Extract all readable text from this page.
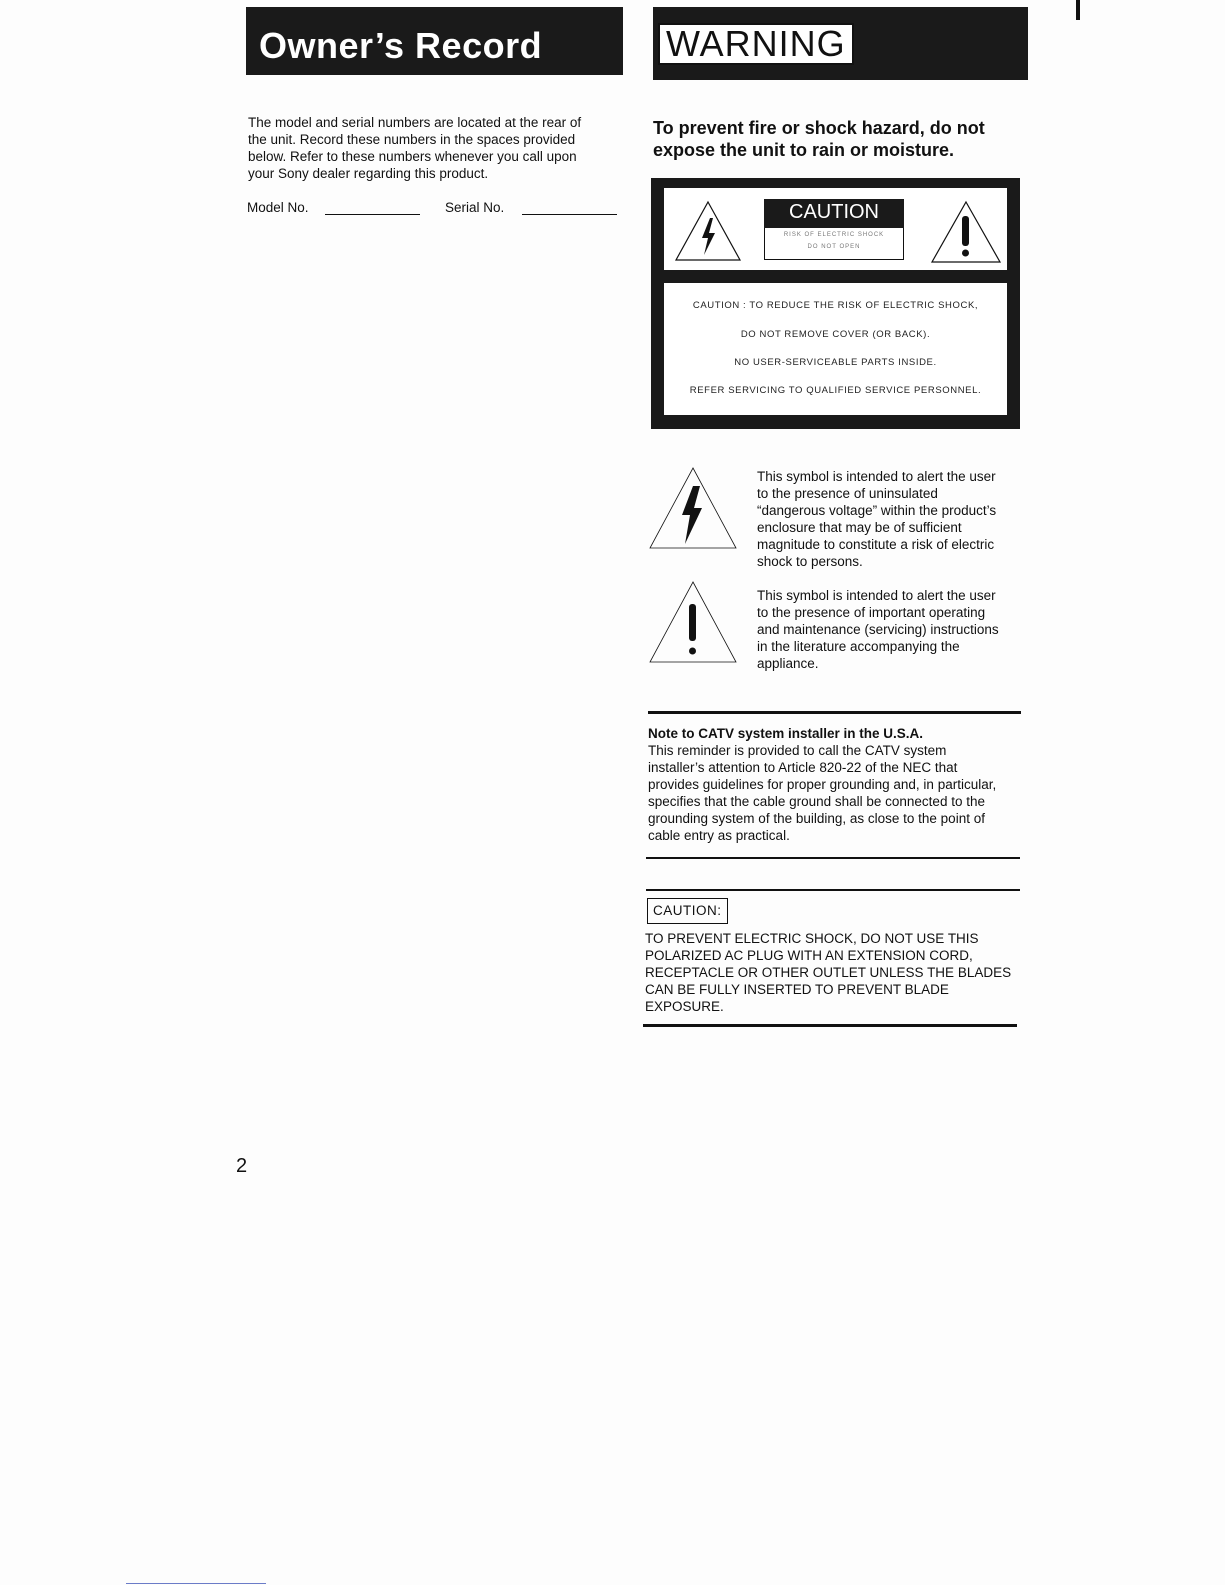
Owner’s Record	WARNING
The model and serial numbers are located at the rear of
the unit. Record these numbers in the spaces provided
below. Refer to these numbers whenever you call upon
your Sony dealer regarding this product.
Model No.	Serial No.
To prevent fire or shock hazard, do not
expose the unit to rain or moisture.
CAUTION
RISK OF ELECTRIC SHOCK
DO NOT OPEN
CAUTION : TO REDUCE THE RISK OF ELECTRIC SHOCK,
DO NOT REMOVE COVER (OR BACK).
NO USER-SERVICEABLE PARTS INSIDE.
REFER SERVICING TO QUALIFIED SERVICE PERSONNEL.
This symbol is intended to alert the user
to the presence of uninsulated
“dangerous voltage” within the product’s
enclosure that may be of sufficient
magnitude to constitute a risk of electric
shock to persons.
This symbol is intended to alert the user
to the presence of important operating
and maintenance (servicing) instructions
in the literature accompanying the
appliance.
Note to CATV system installer in the U.S.A.
This reminder is provided to call the CATV system
installer’s attention to Article 820-22 of the NEC that
provides guidelines for proper grounding and, in particular,
specifies that the cable ground shall be connected to the
grounding system of the building, as close to the point of
cable entry as practical.
CAUTION:
TO PREVENT ELECTRIC SHOCK, DO NOT USE THIS
POLARIZED AC PLUG WITH AN EXTENSION CORD,
RECEPTACLE OR OTHER OUTLET UNLESS THE BLADES
CAN BE FULLY INSERTED TO PREVENT BLADE
EXPOSURE.
2
